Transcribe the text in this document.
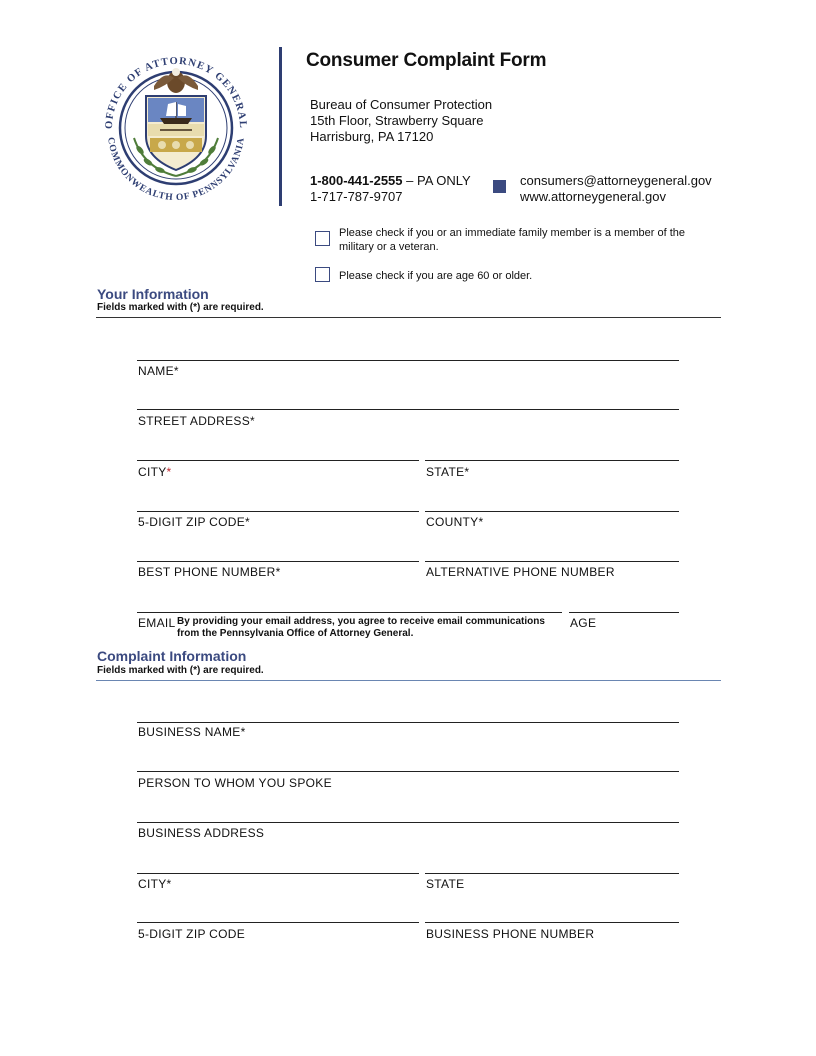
OFFICE OF ATTORNEY GENERAL
COMMONWEALTH OF PENNSYLVANIA
Consumer Complaint Form
Bureau of Consumer Protection
15th Floor, Strawberry Square
Harrisburg, PA 17120
1-800-441-2555 – PA ONLY
1-717-787-9707
consumers@attorneygeneral.gov
www.attorneygeneral.gov
Please check if you or an immediate family member is a member of the military or a veteran.
Please check if you are age 60 or older.
Your Information
Fields marked with (*) are required.
NAME*
STREET ADDRESS*
CITY*	STATE*
5-DIGIT ZIP CODE*	COUNTY*
BEST PHONE NUMBER*	ALTERNATIVE PHONE NUMBER
EMAIL By providing your email address, you agree to receive email communications from the Pennsylvania Office of Attorney General.
AGE
Complaint Information
Fields marked with (*) are required.
BUSINESS NAME*
PERSON TO WHOM YOU SPOKE
BUSINESS ADDRESS
CITY*	STATE
5-DIGIT ZIP CODE	BUSINESS PHONE NUMBER
